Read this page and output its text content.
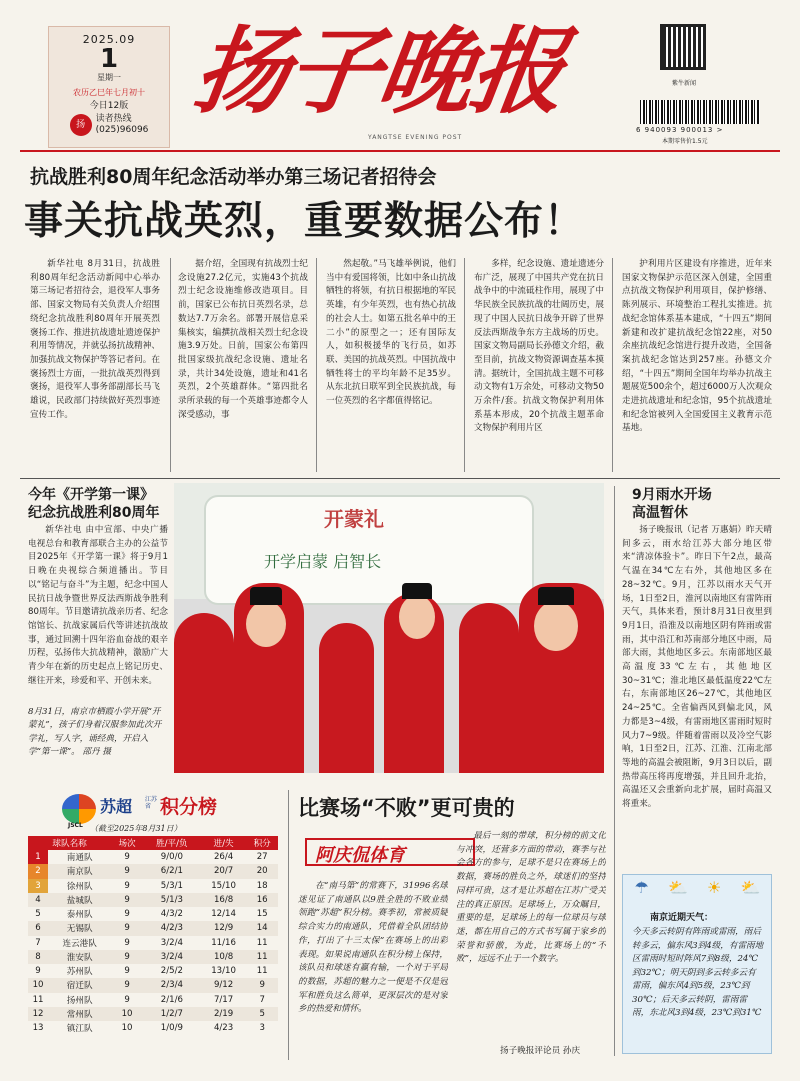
2025.09
1
星期一
农历乙巳年七月初十
今日12版
扬
读者热线
(025)96096
扬子晚报
YANGTSE EVENING POST
紫牛新闻
6 940093 900013 >
本期零售价1.5元
抗战胜利80周年纪念活动举办第三场记者招待会
事关抗战英烈，重要数据公布！

新华社电 8月31日，抗战胜利80周年纪念活动新闻中心举办第三场记者招待会，退役军人事务部、国家文物局有关负责人介绍围绕纪念抗战胜利80周年开展英烈褒扬工作、推进抗战遗址遗迹保护利用等情况，并就弘扬抗战精神、加强抗战文物保护等答记者问。在褒扬烈士方面，一批抗战英烈得到褒扬，退役军人事务部副部长马飞雄说，民政部门持续做好英烈事迹宣传工作。

据介绍，全国现有抗战烈士纪念设施27.2亿元，实施43个抗战烈士纪念设施维修改造项目。目前，国家已公布抗日英烈名录，总数达7.7万余名。部署开展信息采集核实，编撰抗战相关烈士纪念设施3.9万处。日前，国家公布第四批国家级抗战纪念设施、遗址名录，共计34处设施，遗址和41名英烈，2个英雄群体。“第四批名录所录载的每一个英雄事迹都令人深受感动，事

然起敬。”马飞雄举例说，他们当中有爱国将领，比如中条山抗战牺牲的将领，有抗日根据地的军民英雄，有少年英烈，也有热心抗战的社会人士。如第五批名单中的王二小”的原型之一；还有国际友人，如积极援华的飞行员，如苏联、美国的抗战英烈。中国抗战中牺牲将士的平均年龄不足35岁。从东北抗日联军到全民族抗战，每一位英烈的名字都值得铭记。

多样，纪念设施、遗址遗迹分布广泛，展现了中国共产党在抗日战争中的中流砥柱作用，展现了中华民族全民族抗战的壮阔历史，展现了中国人民抗日战争开辟了世界反法西斯战争东方主战场的历史。国家文物局副局长孙德文介绍，截至目前，抗战文物资源调查基本摸清。据统计，全国抗战主题不可移动文物有1万余处，可移动文物50万余件/套。抗战文物保护利用体系基本形成，20个抗战主题革命文物保护利用片区

护利用片区建设有序推进，近年来国家文物保护示范区深入创建，全国重点抗战文物保护利用项目，保护修缮、陈列展示、环境整治工程扎实推进。抗战纪念馆体系基本建成，“十四五”期间新建和改扩建抗战纪念馆22座，对50余座抗战纪念馆进行提升改造，全国备案抗战纪念馆达到257座。孙德文介绍，“十四五”期间全国年均举办抗战主题展览500余个，超过6000万人次观众走进抗战遗址和纪念馆，95个抗战遗址和纪念馆被列入全国爱国主义教育示范基地。

今年《开学第一课》
纪念抗战胜利80周年

新华社电 由中宣部、中央广播电视总台和教育部联合主办的公益节目2025年《开学第一课》将于9月1日晚在央视综合频道播出。节目以“铭记与奋斗”为主题，纪念中国人民抗日战争暨世界反法西斯战争胜利80周年。节目邀请抗战亲历者、纪念馆馆长、抗战家属后代等讲述抗战故事，通过回溯十四年浴血奋战的艰辛历程，弘扬伟大抗战精神，激励广大青少年在新的历史起点上铭记历史、继往开来，珍爱和平、开创未来。

8月31日，南京市栖霞小学开展“开蒙礼”，孩子们身着汉服参加此次开学礼，写人字，诵经典，开启入学“第一课”。 邵丹 摄
开蒙礼
开学启蒙 启智长
9月雨水开场
高温暂休

扬子晚报讯（记者 万惠娟）昨天晴间多云，雨水给江苏大部分地区带来“清凉体验卡”。昨日下午2点，最高气温在34℃左右外，其他地区多在28~32℃。9月，江苏以雨水天气开场，1日至2日，淮河以南地区有雷阵雨天气，具体来看，预计8月31日夜里到9月1日，沿淮及以南地区阴有阵雨或雷雨，其中沿江和苏南部分地区中雨，局部大雨，其他地区多云。东南部地区最高温度33℃左右，其他地区30~31℃；淮北地区最低温度22℃左右，东南部地区26~27℃，其他地区24~25℃。全省偏西风到偏北风，风力都是3~4级，有雷雨地区雷雨时短时风力7~9级。伴随着雷雨以及冷空气影响，1日至2日，江苏、江淮、江南北部等地的高温会被阻断，9月3日以后，副热带高压将再度增强，并且回升北抬，高温还又会重新向北扩展，届时高温又将重来。

JSCL
苏超 江苏省 积分榜
（截至2025年8月31日）
球队名称		场次	胜/平/负	进/失	积分
1	南通队	9	9/0/0	26/4	27
2	南京队	9	6/2/1	20/7	20
3	徐州队	9	5/3/1	15/10	18
4	盐城队	9	5/1/3	16/8	16
5	泰州队	9	4/3/2	12/14	15
6	无锡队	9	4/2/3	12/9	14
7	连云港队	9	3/2/4	11/16	11
8	淮安队	9	3/2/4	10/8	11
9	苏州队	9	2/5/2	13/10	11
10	宿迁队	9	2/3/4	9/12	9
11	扬州队	9	2/1/6	7/17	7
12	常州队	10	1/2/7	2/19	5
13	镇江队	10	1/0/9	4/23	3
比赛场“不败”更可贵的
阿庆侃体育

在“南马第”的常赛下，31996名球迷见证了南通队以9胜全胜的不败业绩领跑“苏超”积分榜。赛季初，常被质疑综合实力的南通队，凭借着全队团结协作，打出了十三太保”在赛场上的出彩表现。如果说南通队在积分榜上保持，该队员和球迷有赢有输，一个对于平局的数据，苏超的魅力之一便是不仅是冠军和胜负这么简单，更深层次的是对家乡的热爱和情怀。

最后一刻的带球，积分榜的前文化与冲突，还营多方面的带动，赛季与社会各方的参与，足球不是只在赛场上的数据，赛场的胜负之外，球迷们的坚持同样可贵，这才是让苏超在江苏广受关注的真正原因。足球场上，万众瞩目，重要的是，足球场上的每一位球员与球迷，都在用自己的方式书写属于家乡的荣誉和骄傲，为此，比赛场上的“不败”，远远不止于一个数字。

扬子晚报评论员 孙庆
☂ ⛅ ☀ ⛅
南京近期天气：
今天多云转阴有阵雨或雷雨，雨后转多云，偏东风3到4级，有雷雨地区雷雨时短时阵风7到8级，24℃到32℃；明天阴到多云转多云有雷雨，偏东风4到5级，23℃到30℃；后天多云转阴，雷雨雷雨，东北风3到4级，23℃到31℃
